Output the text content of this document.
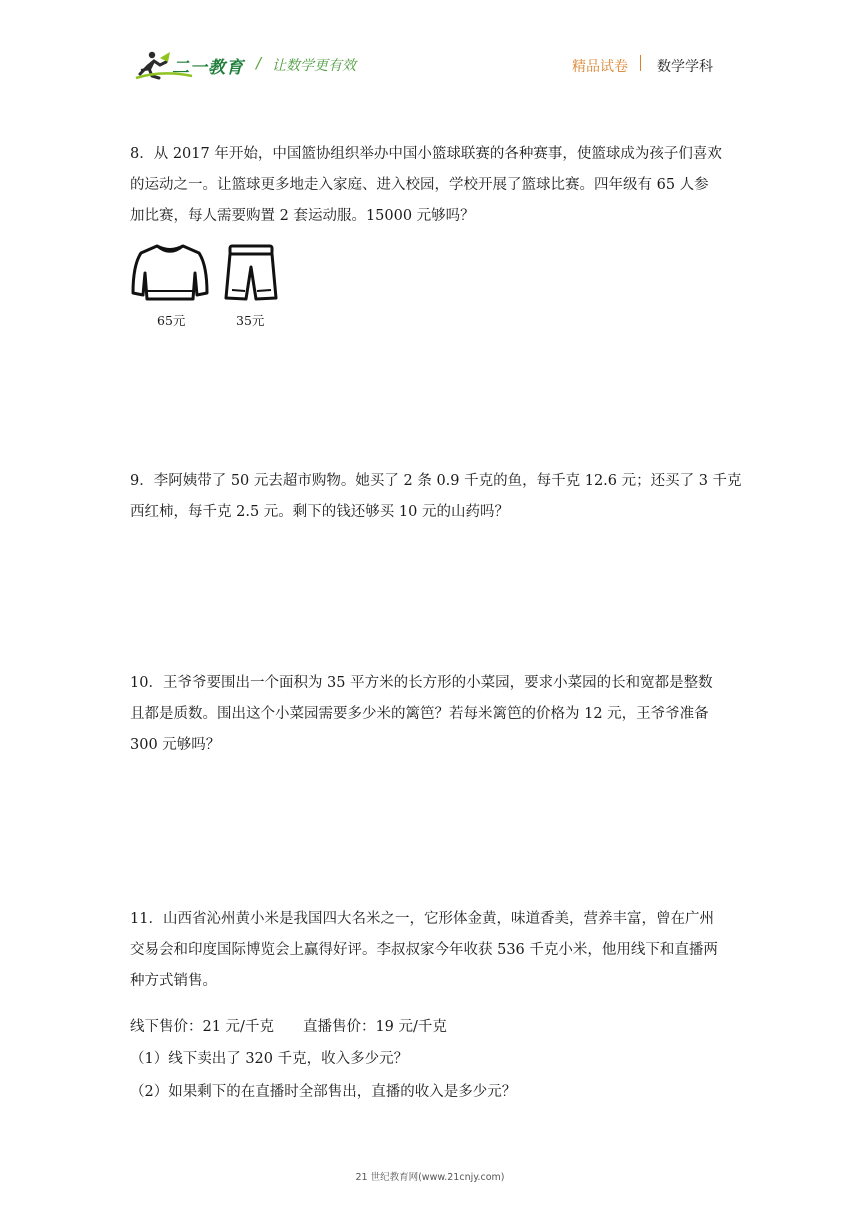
二一教育 / 让数学更有效	精品试卷 数学学科
8．从 2017 年开始，中国篮协组织举办中国小篮球联赛的各种赛事，使篮球成为孩子们喜欢
的运动之一。让篮球更多地走入家庭、进入校园，学校开展了篮球比赛。四年级有 65 人参
加比赛，每人需要购置 2 套运动服。15000 元够吗？
65元	35元
9．李阿姨带了 50 元去超市购物。她买了 2 条 0.9 千克的鱼，每千克 12.6 元；还买了 3 千克
西红柿，每千克 2.5 元。剩下的钱还够买 10 元的山药吗？
10．王爷爷要围出一个面积为 35 平方米的长方形的小菜园，要求小菜园的长和宽都是整数
且都是质数。围出这个小菜园需要多少米的篱笆？若每米篱笆的价格为 12 元，王爷爷准备
300 元够吗？
11．山西省沁州黄小米是我国四大名米之一，它形体金黄，味道香美，营养丰富，曾在广州
交易会和印度国际博览会上赢得好评。李叔叔家今年收获 536 千克小米，他用线下和直播两
种方式销售。
线下售价：21 元/千克　　直播售价：19 元/千克
（1）线下卖出了 320 千克，收入多少元？
（2）如果剩下的在直播时全部售出，直播的收入是多少元？
21 世纪教育网(www.21cnjy.com)
